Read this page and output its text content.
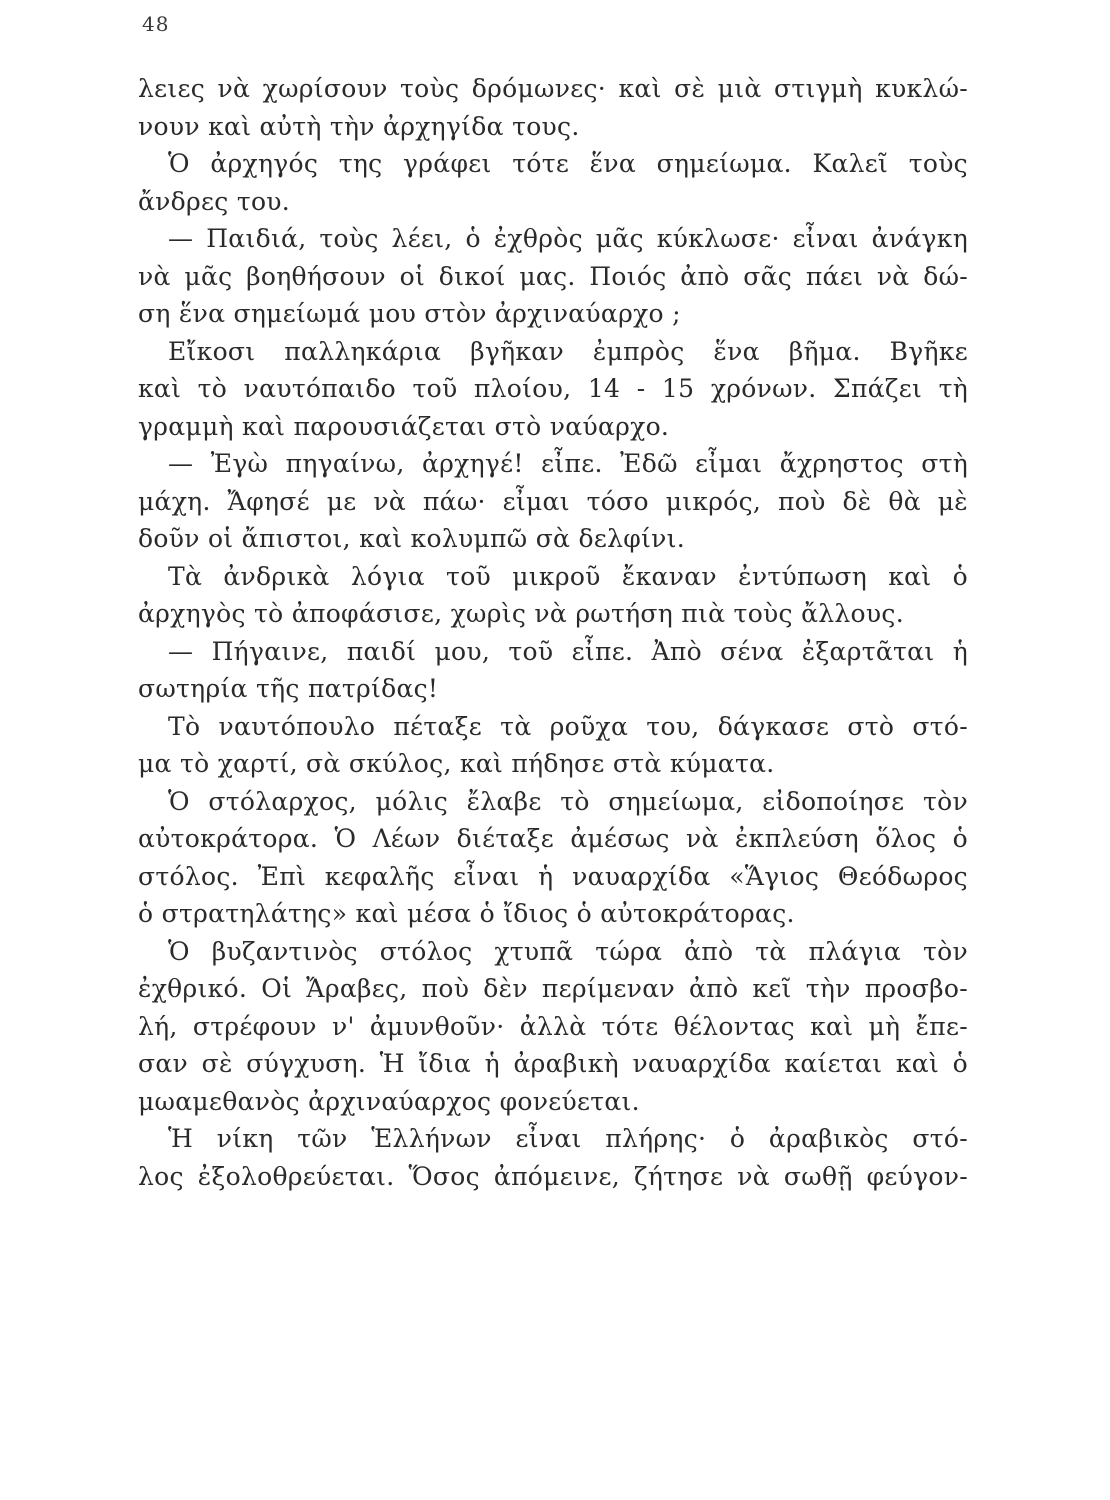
48
λειες νὰ χωρίσουν τοὺς δρόμωνες· καὶ σὲ μιὰ στιγμὴ κυκλώ-
νουν καὶ αὐτὴ τὴν ἀρχηγίδα τους.
Ὁ ἀρχηγός της γράφει τότε ἕνα σημείωμα. Καλεῖ τοὺς
ἄνδρες του.
— Παιδιά, τοὺς λέει, ὁ ἐχθρὸς μᾶς κύκλωσε· εἶναι ἀνάγκη
νὰ μᾶς βοηθήσουν οἱ δικοί μας. Ποιός ἀπὸ σᾶς πάει νὰ δώ-
ση ἕνα σημείωμά μου στὸν ἀρχιναύαρχο ;
Εἴκοσι παλληκάρια βγῆκαν ἐμπρὸς ἕνα βῆμα. Βγῆκε
καὶ τὸ ναυτόπαιδο τοῦ πλοίου, 14 - 15 χρόνων. Σπάζει τὴ
γραμμὴ καὶ παρουσιάζεται στὸ ναύαρχο.
— Ἐγὼ πηγαίνω, ἀρχηγέ! εἶπε. Ἐδῶ εἶμαι ἄχρηστος στὴ
μάχη. Ἄφησέ με νὰ πάω· εἶμαι τόσο μικρός, ποὺ δὲ θὰ μὲ
δοῦν οἱ ἄπιστοι, καὶ κολυμπῶ σὰ δελφίνι.
Τὰ ἀνδρικὰ λόγια τοῦ μικροῦ ἔκαναν ἐντύπωση καὶ ὁ
ἀρχηγὸς τὸ ἀποφάσισε, χωρὶς νὰ ρωτήση πιὰ τοὺς ἄλλους.
— Πήγαινε, παιδί μου, τοῦ εἶπε. Ἀπὸ σένα ἐξαρτᾶται ἡ
σωτηρία τῆς πατρίδας!
Τὸ ναυτόπουλο πέταξε τὰ ροῦχα του, δάγκασε στὸ στό-
μα τὸ χαρτί, σὰ σκύλος, καὶ πήδησε στὰ κύματα.
Ὁ στόλαρχος, μόλις ἔλαβε τὸ σημείωμα, εἰδοποίησε τὸν
αὐτοκράτορα. Ὁ Λέων διέταξε ἀμέσως νὰ ἐκπλεύση ὅλος ὁ
στόλος. Ἐπὶ κεφαλῆς εἶναι ἡ ναυαρχίδα «Ἅγιος Θεόδωρος
ὁ στρατηλάτης» καὶ μέσα ὁ ἴδιος ὁ αὐτοκράτορας.
Ὁ βυζαντινὸς στόλος χτυπᾶ τώρα ἀπὸ τὰ πλάγια τὸν
ἐχθρικό. Οἱ Ἄραβες, ποὺ δὲν περίμεναν ἀπὸ κεῖ τὴν προσβο-
λή, στρέφουν ν' ἀμυνθοῦν· ἀλλὰ τότε θέλοντας καὶ μὴ ἔπε-
σαν σὲ σύγχυση. Ἡ ἴδια ἡ ἀραβικὴ ναυαρχίδα καίεται καὶ ὁ
μωαμεθανὸς ἀρχιναύαρχος φονεύεται.
Ἡ νίκη τῶν Ἑλλήνων εἶναι πλήρης· ὁ ἀραβικὸς στό-
λος ἐξολοθρεύεται. Ὅσος ἀπόμεινε, ζήτησε νὰ σωθῇ φεύγον-
